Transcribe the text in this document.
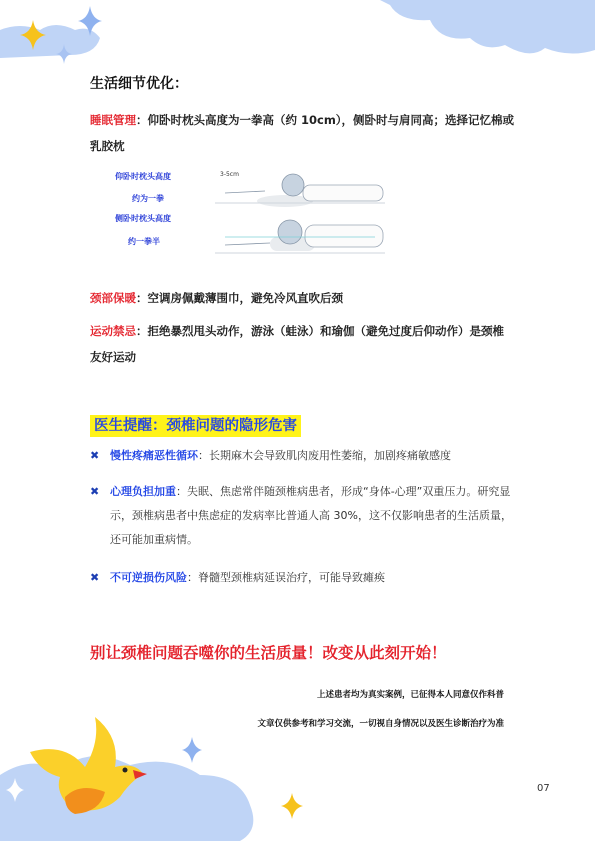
生活细节优化：
睡眠管理：仰卧时枕头高度为一拳高（约 10cm），侧卧时与肩同高；选择记忆棉或乳胶枕
仰卧时枕头高度
约为一拳
侧卧时枕头高度
约一拳半
3-5cm
颈部保暖：空调房佩戴薄围巾，避免冷风直吹后颈
运动禁忌：拒绝暴烈甩头动作，游泳（蛙泳）和瑜伽（避免过度后仰动作）是颈椎友好运动
医生提醒：颈椎问题的隐形危害
✖ 慢性疼痛恶性循环：长期麻木会导致肌肉废用性萎缩，加剧疼痛敏感度
✖ 心理负担加重：失眠、焦虑常伴随颈椎病患者，形成“身体-心理”双重压力。研究显示，颈椎病患者中焦虑症的发病率比普通人高 30%，这不仅影响患者的生活质量，还可能加重病情。
✖ 不可逆损伤风险：脊髓型颈椎病延误治疗，可能导致瘫痪
别让颈椎问题吞噬你的生活质量！改变从此刻开始！
上述患者均为真实案例，已征得本人同意仅作科普
文章仅供参考和学习交流，一切视自身情况以及医生诊断治疗为准
07
